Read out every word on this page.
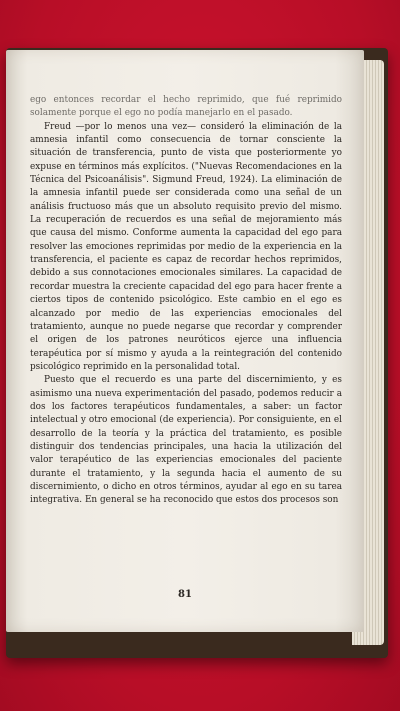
ego entonces recordar el hecho reprimido, que fué reprimido solamente porque el ego no podía manejarlo en el pasado.

Freud —por lo menos una vez— consideró la eliminación de la amnesia infantil como consecuencia de tornar consciente la situación de transferencia, punto de vista que posteriormente yo expuse en términos más explícitos. ("Nuevas Recomendaciones en la Técnica del Psicoanálisis". Sigmund Freud, 1924). La eliminación de la amnesia infantil puede ser considerada como una señal de un análisis fructuoso más que un absoluto requisito previo del mismo. La recuperación de recuerdos es una señal de mejoramiento más que causa del mismo. Conforme aumenta la capacidad del ego para resolver las emociones reprimidas por medio de la experiencia en la transferencia, el paciente es capaz de recordar hechos reprimidos, debido a sus connotaciones emocionales similares. La capacidad de recordar muestra la creciente capacidad del ego para hacer frente a ciertos tipos de contenido psicológico. Este cambio en el ego es alcanzado por medio de las experiencias emocionales del tratamiento, aunque no puede negarse que recordar y comprender el origen de los patrones neuróticos ejerce una influencia terapéutica por sí mismo y ayuda a la reintegración del contenido psicológico reprimido en la personalidad total.

Puesto que el recuerdo es una parte del discernimiento, y es asimismo una nueva experimentación del pasado, podemos reducir a dos los factores terapéuticos fundamentales, a saber: un factor intelectual y otro emocional (de experiencia). Por consiguiente, en el desarrollo de la teoría y la práctica del tratamiento, es posible distinguir dos tendencias principales, una hacia la utilización del valor terapéutico de las experiencias emocionales del paciente durante el tratamiento, y la segunda hacia el aumento de su discernimiento, o dicho en otros términos, ayudar al ego en su tarea integrativa. En general se ha reconocido que estos dos procesos son

81
